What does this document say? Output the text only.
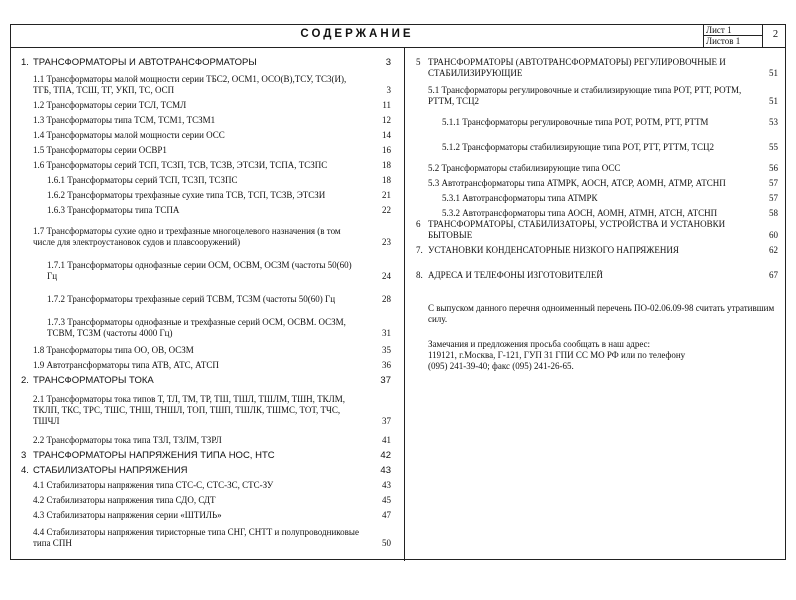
СОДЕРЖАНИЕ	Лист 1
Листов 1
2
1. ТРАНСФОРМАТОРЫ И АВТОТРАНСФОРМАТОРЫ	3
1.1 Трансформаторы малой мощности серии ТБС2, ОСМ1, ОСО(В),ТСУ, ТС3(И), ТГБ, ТПА, ТСШ, ТГ, УКП, ТС, ОСП	3
1.2 Трансформаторы серии ТСЛ, ТСМЛ	11
1.3 Трансформаторы типа ТСМ, ТСМ1, ТСЗМ1	12
1.4 Трансформаторы малой мощности серии ОСС	14
1.5 Трансформаторы серии ОСВР1	16
1.6 Трансформаторы серий ТСП, ТСЗП, ТСВ, ТСЗВ, ЭТСЗИ, ТСПА, ТСЗПС	18
1.6.1 Трансформаторы серий ТСП, ТСЗП, ТСЗПС	18
1.6.2 Трансформаторы трехфазные сухие типа ТСВ, ТСП, ТСЗВ, ЭТСЗИ	21
1.6.3 Трансформаторы типа ТСПА	22
1.7 Трансформаторы сухие одно и трехфазные многоцелевого назначения (в том числе для электроустановок судов и плавсооружений)	23
1.7.1 Трансформаторы однофазные серии ОСМ, ОСВМ, ОСЗМ (частоты 50(60) Гц	24
1.7.2 Трансформаторы трехфазные серий ТСВМ, ТСЗМ (частоты 50(60) Гц	28
1.7.3 Трансформаторы однофазные и трехфазные серий ОСМ, ОСВМ. ОСЗМ, ТСВМ, ТСЗМ (частоты 4000 Гц)	31
1.8 Трансформаторы типа ОО, ОВ, ОСЗМ	35
1.9 Автотрансформаторы типа АТВ, АТС, АТСП	36
2. ТРАНСФОРМАТОРЫ ТОКА	37
2.1 Трансформаторы тока типов Т, ТЛ, ТМ, ТР, ТШ, ТШЛ, ТШЛМ, ТШН, ТКЛМ, ТКЛП, ТКС, ТРС, ТШС, ТНШ, ТНШЛ, ТОП, ТШП, ТШЛК, ТШМС, ТОТ, ТЧС, ТШЧЛ	37
2.2 Трансформаторы тока типа ТЗЛ, ТЗЛМ, ТЗРЛ	41
3 ТРАНСФОРМАТОРЫ НАПРЯЖЕНИЯ ТИПА НОС, НТС	42
4. СТАБИЛИЗАТОРЫ НАПРЯЖЕНИЯ	43
4.1 Стабилизаторы напряжения типа СТС-С, СТС-ЗС, СТС-ЗУ	43
4.2 Стабилизаторы напряжения типа СДО, СДТ	45
4.3 Стабилизаторы напряжения серии «ШТИЛЬ»	47
4.4 Стабилизаторы напряжения тиристорные типа СНГ, СНТТ и полупроводниковые типа СПН	50
5 ТРАНСФОРМАТОРЫ (АВТОТРАНСФОРМАТОРЫ) РЕГУЛИРОВОЧНЫЕ И СТАБИЛИЗИРУЮЩИЕ	51
5.1 Трансформаторы регулировочные и стабилизирующие типа РОТ, РТТ, РОТМ, РТТМ, ТСЦ2	51
5.1.1 Трансформаторы регулировочные типа РОТ, РОТМ, РТТ, РТТМ	53
5.1.2 Трансформаторы стабилизирующие типа РОТ, РТТ, РТТМ, ТСЦ2	55
5.2 Трансформаторы стабилизирующие типа ОСС	56
5.3 Автотрансформаторы типа АТМРК, АОСН, АТСР, АОМН, АТМР, АТСНП	57
5.3.1 Автотрансформаторы типа АТМРК	57
5.3.2 Автотрансформаторы типа АОСН, АОМН, АТМН, АТСН, АТСНП	58
6 ТРАНСФОРМАТОРЫ, СТАБИЛИЗАТОРЫ, УСТРОЙСТВА И УСТАНОВКИ БЫТОВЫЕ	60
7. УСТАНОВКИ КОНДЕНСАТОРНЫЕ НИЗКОГО НАПРЯЖЕНИЯ	62
8. АДРЕСА И ТЕЛЕФОНЫ ИЗГОТОВИТЕЛЕЙ	67
С выпуском данного перечня одноименный перечень ПО-02.06.09-98 считать утратившим силу.
Замечания и предложения просьба сообщать в наш адрес:
119121, г.Москва, Г-121, ГУП 31 ГПИ СС МО РФ или по телефону
(095) 241-39-40; факс (095) 241-26-65.
